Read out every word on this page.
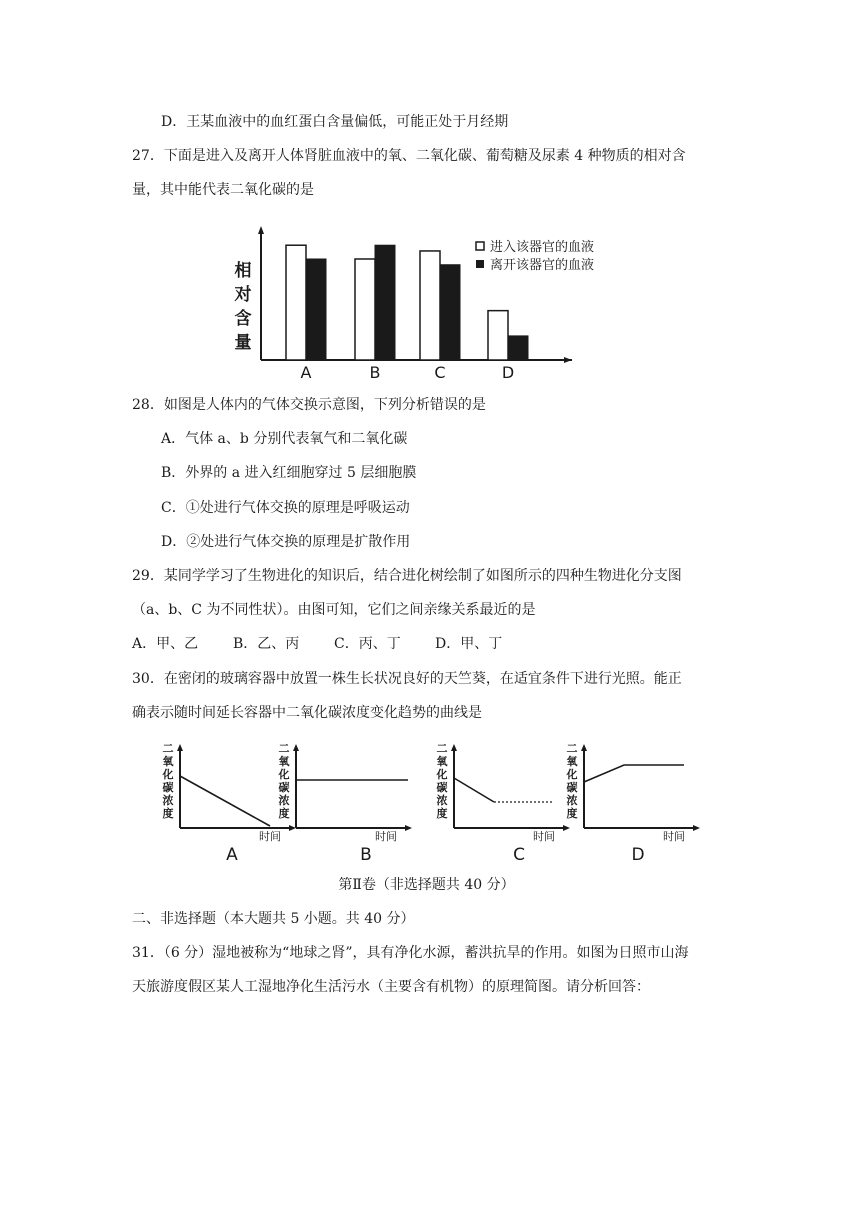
D．王某血液中的血红蛋白含量偏低，可能正处于月经期
27．下面是进入及离开人体肾脏血液中的氧、二氧化碳、葡萄糖及尿素 4 种物质的相对含
量，其中能代表二氧化碳的是
相
对
含
量
A	B	C	D
进入该器官的血液
离开该器官的血液
28．如图是人体内的气体交换示意图，下列分析错误的是
A．气体 a、b 分别代表氧气和二氧化碳
B．外界的 a 进入红细胞穿过 5 层细胞膜
C．①处进行气体交换的原理是呼吸运动
D．②处进行气体交换的原理是扩散作用
29．某同学学习了生物进化的知识后，结合进化树绘制了如图所示的四种生物进化分支图
（a、b、C 为不同性状）。由图可知，它们之间亲缘关系最近的是
A．甲、乙 B．乙、丙 C．丙、丁 D．甲、丁
30．在密闭的玻璃容器中放置一株生长状况良好的天竺葵，在适宜条件下进行光照。能正
确表示随时间延长容器中二氧化碳浓度变化趋势的曲线是
二
氧
化
碳
浓
度
时间
A
二
氧
化
碳
浓
度
时间
B
二
氧
化
碳
浓
度
时间
C
二
氧
化
碳
浓
度
时间
D
第Ⅱ卷（非选择题共 40 分）
二、非选择题（本大题共 5 小题。共 40 分）
31．（6 分）湿地被称为“地球之肾”，具有净化水源，蓄洪抗旱的作用。如图为日照市山海
天旅游度假区某人工湿地净化生活污水（主要含有机物）的原理简图。请分析回答：
